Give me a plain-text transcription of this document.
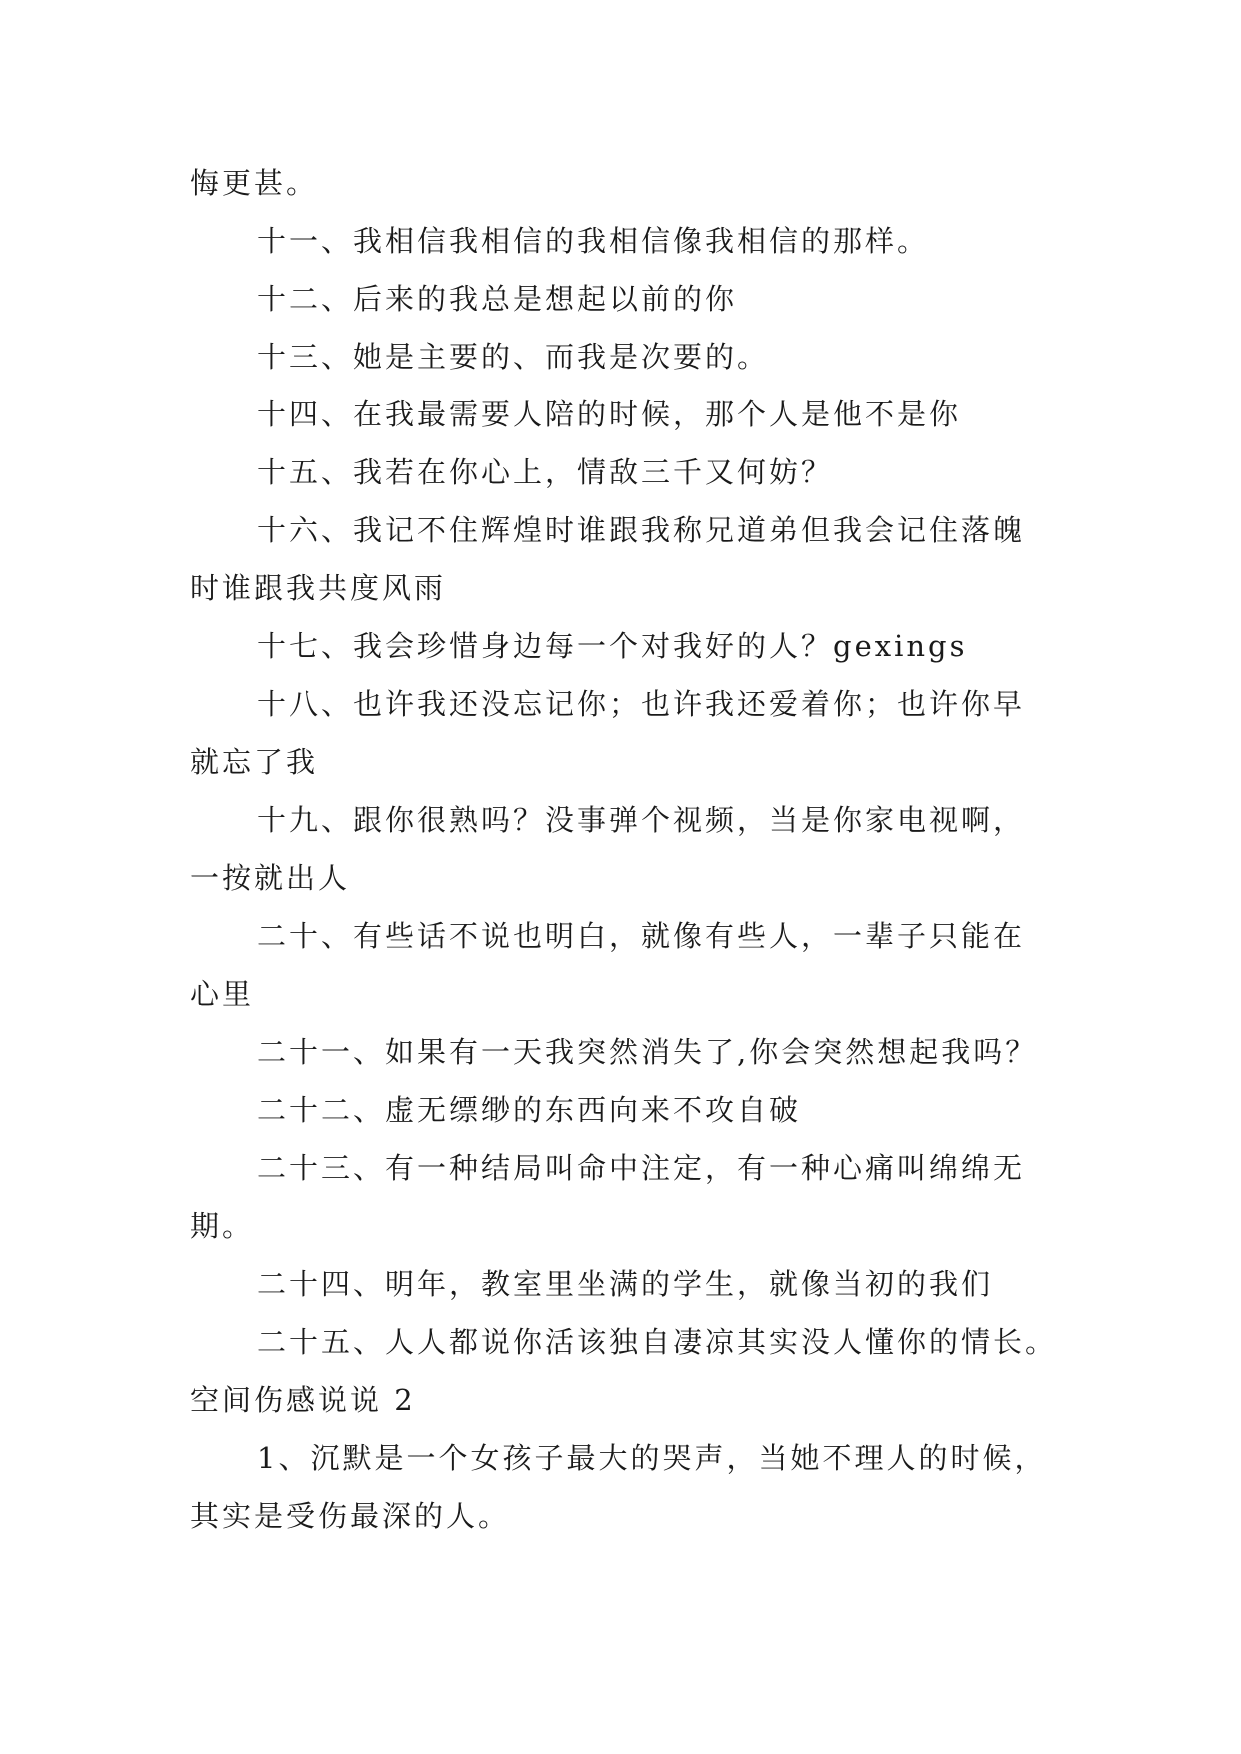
悔更甚。
十一、我相信我相信的我相信像我相信的那样。
十二、后来的我总是想起以前的你
十三、她是主要的、而我是次要的。
十四、在我最需要人陪的时候，那个人是他不是你
十五、我若在你心上，情敌三千又何妨？
十六、我记不住辉煌时谁跟我称兄道弟但我会记住落魄
时谁跟我共度风雨
十七、我会珍惜身边每一个对我好的人？gexings
十八、也许我还没忘记你；也许我还爱着你；也许你早
就忘了我
十九、跟你很熟吗？没事弹个视频，当是你家电视啊，
一按就出人
二十、有些话不说也明白，就像有些人，一辈子只能在
心里
二十一、如果有一天我突然消失了,你会突然想起我吗？
二十二、虚无缥缈的东西向来不攻自破
二十三、有一种结局叫命中注定，有一种心痛叫绵绵无
期。
二十四、明年，教室里坐满的学生，就像当初的我们
二十五、人人都说你活该独自凄凉其实没人懂你的情长。
空间伤感说说 2
1、沉默是一个女孩子最大的哭声，当她不理人的时候，
其实是受伤最深的人。
